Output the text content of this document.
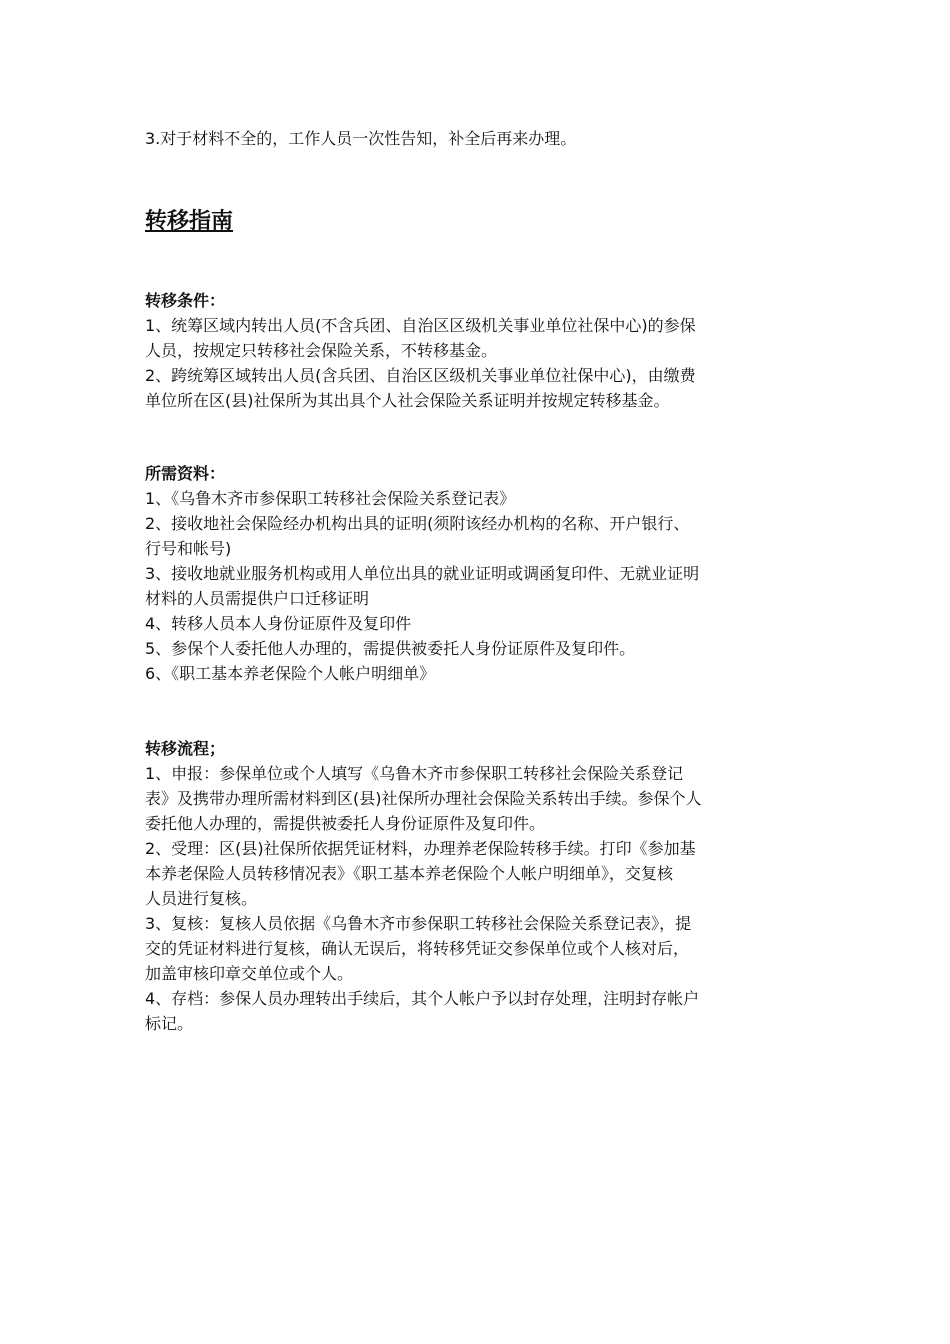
3.对于材料不全的，工作人员一次性告知，补全后再来办理。

转移指南
转移条件：

1、统筹区域内转出人员(不含兵团、自治区区级机关事业单位社保中心)的参保

人员，按规定只转移社会保险关系，不转移基金。

2、跨统筹区域转出人员(含兵团、自治区区级机关事业单位社保中心)，由缴费

单位所在区(县)社保所为其出具个人社会保险关系证明并按规定转移基金。

所需资料：

1、《乌鲁木齐市参保职工转移社会保险关系登记表》

2、接收地社会保险经办机构出具的证明(须附该经办机构的名称、开户银行、

行号和帐号)

3、接收地就业服务机构或用人单位出具的就业证明或调函复印件、无就业证明

材料的人员需提供户口迁移证明

4、转移人员本人身份证原件及复印件

5、参保个人委托他人办理的，需提供被委托人身份证原件及复印件。

6、《职工基本养老保险个人帐户明细单》

转移流程；

1、申报：参保单位或个人填写《乌鲁木齐市参保职工转移社会保险关系登记

表》及携带办理所需材料到区(县)社保所办理社会保险关系转出手续。参保个人

委托他人办理的，需提供被委托人身份证原件及复印件。

2、受理：区(县)社保所依据凭证材料，办理养老保险转移手续。打印《参加基

本养老保险人员转移情况表》《职工基本养老保险个人帐户明细单》，交复核

人员进行复核。

3、复核：复核人员依据《乌鲁木齐市参保职工转移社会保险关系登记表》，提

交的凭证材料进行复核，确认无误后，将转移凭证交参保单位或个人核对后，

加盖审核印章交单位或个人。

4、存档：参保人员办理转出手续后，其个人帐户予以封存处理，注明封存帐户

标记。
